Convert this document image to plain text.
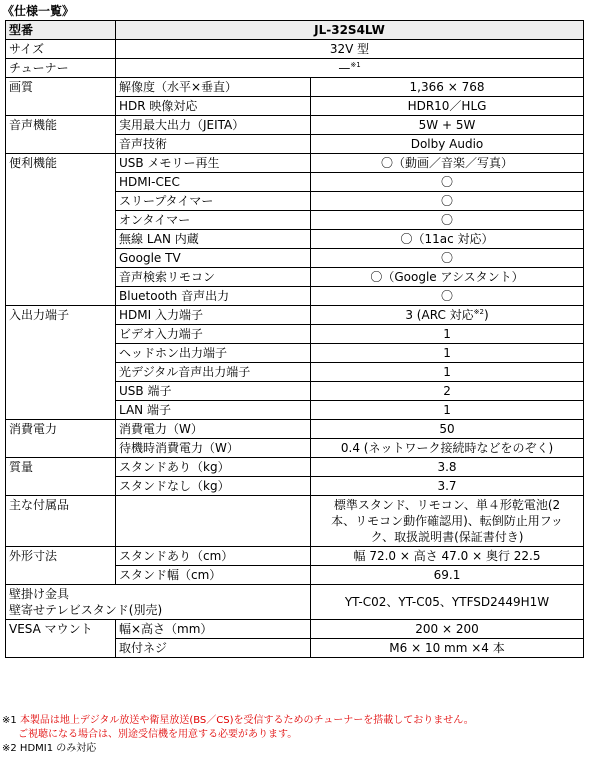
《仕様一覧》
型番	JL-32S4LW	
サイズ	32V 型	
チューナー	—$^{※1}$
画質	解像度（水平×垂直）	1,366 × 768
	HDR 映像対応	HDR10／HLG
音声機能	実用最大出力（JEITA）	5W + 5W
	音声技術	Dolby Audio
便利機能	USB メモリー再生	〇（動画／音楽／写真）
	HDMI-CEC	〇
	スリープタイマー	〇
	オンタイマー	〇
	無線 LAN 内蔵	〇（11ac 対応）
	Google TV	〇
	音声検索リモコン	〇（Google アシスタント）
	Bluetooth 音声出力	〇
入出力端子	HDMI 入力端子	3 (ARC 対応$^{※2}$)
	ビデオ入力端子	1
	ヘッドホン出力端子	1
	光デジタル音声出力端子	1
	USB 端子	2
	LAN 端子	1
消費電力	消費電力（W）	50
	待機時消費電力（W）	0.4 (ネットワーク接続時などをのぞく)
質量	スタンドあり（kg）	3.8
	スタンドなし（kg）	3.7
主な付属品		標準スタンド、リモコン、単４形乾電池(2
本、リモコン動作確認用)、転倒防止用フッ
ク、取扱説明書(保証書付き)

外形寸法	スタンドあり（cm）	幅 72.0 × 高さ 47.0 × 奥行 22.5
	スタンド幅（cm）	69.1

壁掛け金具
壁寄せテレビスタンド(別売)		YT-C02、YT-C05、YTFSD2449H1W
VESA マウント	幅×高さ（mm）	200 × 200
	取付ネジ	M6 × 10 mm ×4 本
※1 本製品は地上デジタル放送や衛星放送(BS／CS)を受信するためのチューナーを搭載しておりません。
ご視聴になる場合は、別途受信機を用意する必要があります。
※2 HDMI1 のみ対応
